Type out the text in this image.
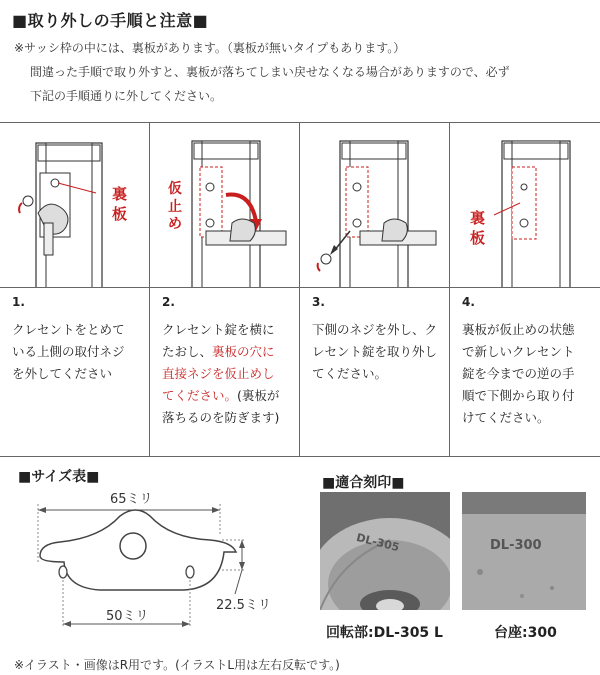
■取り外しの手順と注意■
※サッシ枠の中には、裏板があります。（裏板が無いタイプもあります。）
間違った手順で取り外すと、裏板が落ちてしまい戻せなくなる場合がありますので、必ず
下記の手順通りに外してください。
裏板
1.
クレセントをとめて
いる上側の取付ネジ
を外してください
仮止め
2.
クレセント錠を横に
たおし、裏板の穴に
直接ネジを仮止めし
てください。(裏板が
落ちるのを防ぎます)
3.
下側のネジを外し、ク
レセント錠を取り外し
てください。
裏板
4.
裏板が仮止めの状態
で新しいクレセント
錠を今までの逆の手
順で下側から取り付
けてください。
■サイズ表■
65ミリ
50ミリ
22.5ミリ
■適合刻印■
DL-305	DL-300
回転部:DL-305 L	台座:300
※イラスト・画像はR用です。(イラストL用は左右反転です。)
